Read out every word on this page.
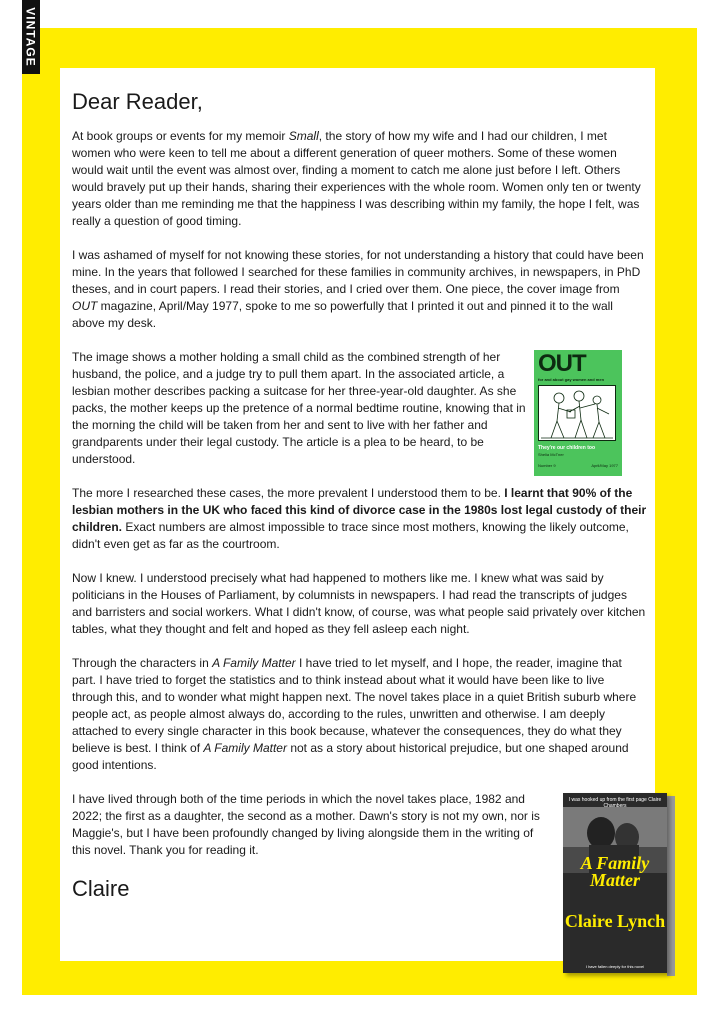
VINTAGE
Dear Reader,

At book groups or events for my memoir Small, the story of how my wife and I had our children, I met women who were keen to tell me about a different generation of queer mothers. Some of these women would wait until the event was almost over, finding a moment to catch me alone just before I left. Others would bravely put up their hands, sharing their experiences with the whole room. Women only ten or twenty years older than me reminding me that the happiness I was describing within my family, the hope I felt, was really a question of good timing.

I was ashamed of myself for not knowing these stories, for not understanding a history that could have been mine. In the years that followed I searched for these families in community archives, in newspapers, in PhD theses, and in court papers. I read their stories, and I cried over them. One piece, the cover image from OUT magazine, April/May 1977, spoke to me so powerfully that I printed it out and pinned it to the wall above my desk.

The image shows a mother holding a small child as the combined strength of her husband, the police, and a judge try to pull them apart. In the associated article, a lesbian mother describes packing a suitcase for her three-year-old daughter. As she packs, the mother keeps up the pretence of a normal bedtime routine, knowing that in the morning the child will be taken from her and sent to live with her father and grandparents under their legal custody. The article is a plea to be heard, to be understood.

The more I researched these cases, the more prevalent I understood them to be. I learnt that 90% of the lesbian mothers in the UK who faced this kind of divorce case in the 1980s lost legal custody of their children. Exact numbers are almost impossible to trace since most mothers, knowing the likely outcome, didn't even get as far as the courtroom.

Now I knew. I understood precisely what had happened to mothers like me. I knew what was said by politicians in the Houses of Parliament, by columnists in newspapers. I had read the transcripts of judges and barristers and social workers. What I didn't know, of course, was what people said privately over kitchen tables, what they thought and felt and hoped as they fell asleep each night.

Through the characters in A Family Matter I have tried to let myself, and I hope, the reader, imagine that part. I have tried to forget the statistics and to think instead about what it would have been like to live through this, and to wonder what might happen next. The novel takes place in a quiet British suburb where people act, as people almost always do, according to the rules, unwritten and otherwise. I am deeply attached to every single character in this book because, whatever the consequences, they do what they believe is best. I think of A Family Matter not as a story about historical prejudice, but one shaped around good intentions.

I have lived through both of the time periods in which the novel takes place, 1982 and 2022; the first as a daughter, the second as a mother. Dawn's story is not my own, nor is Maggie's, but I have been profoundly changed by living alongside them in the writing of this novel. Thank you for reading it.

Claire
OUT
for and about gay women and men
They're our children too
Shelia McTner
Number 9	April/May 1977
I was hooked up from the first page Claire Chambers
A Family Matter
Claire Lynch
I have fallen deeply for this novel
